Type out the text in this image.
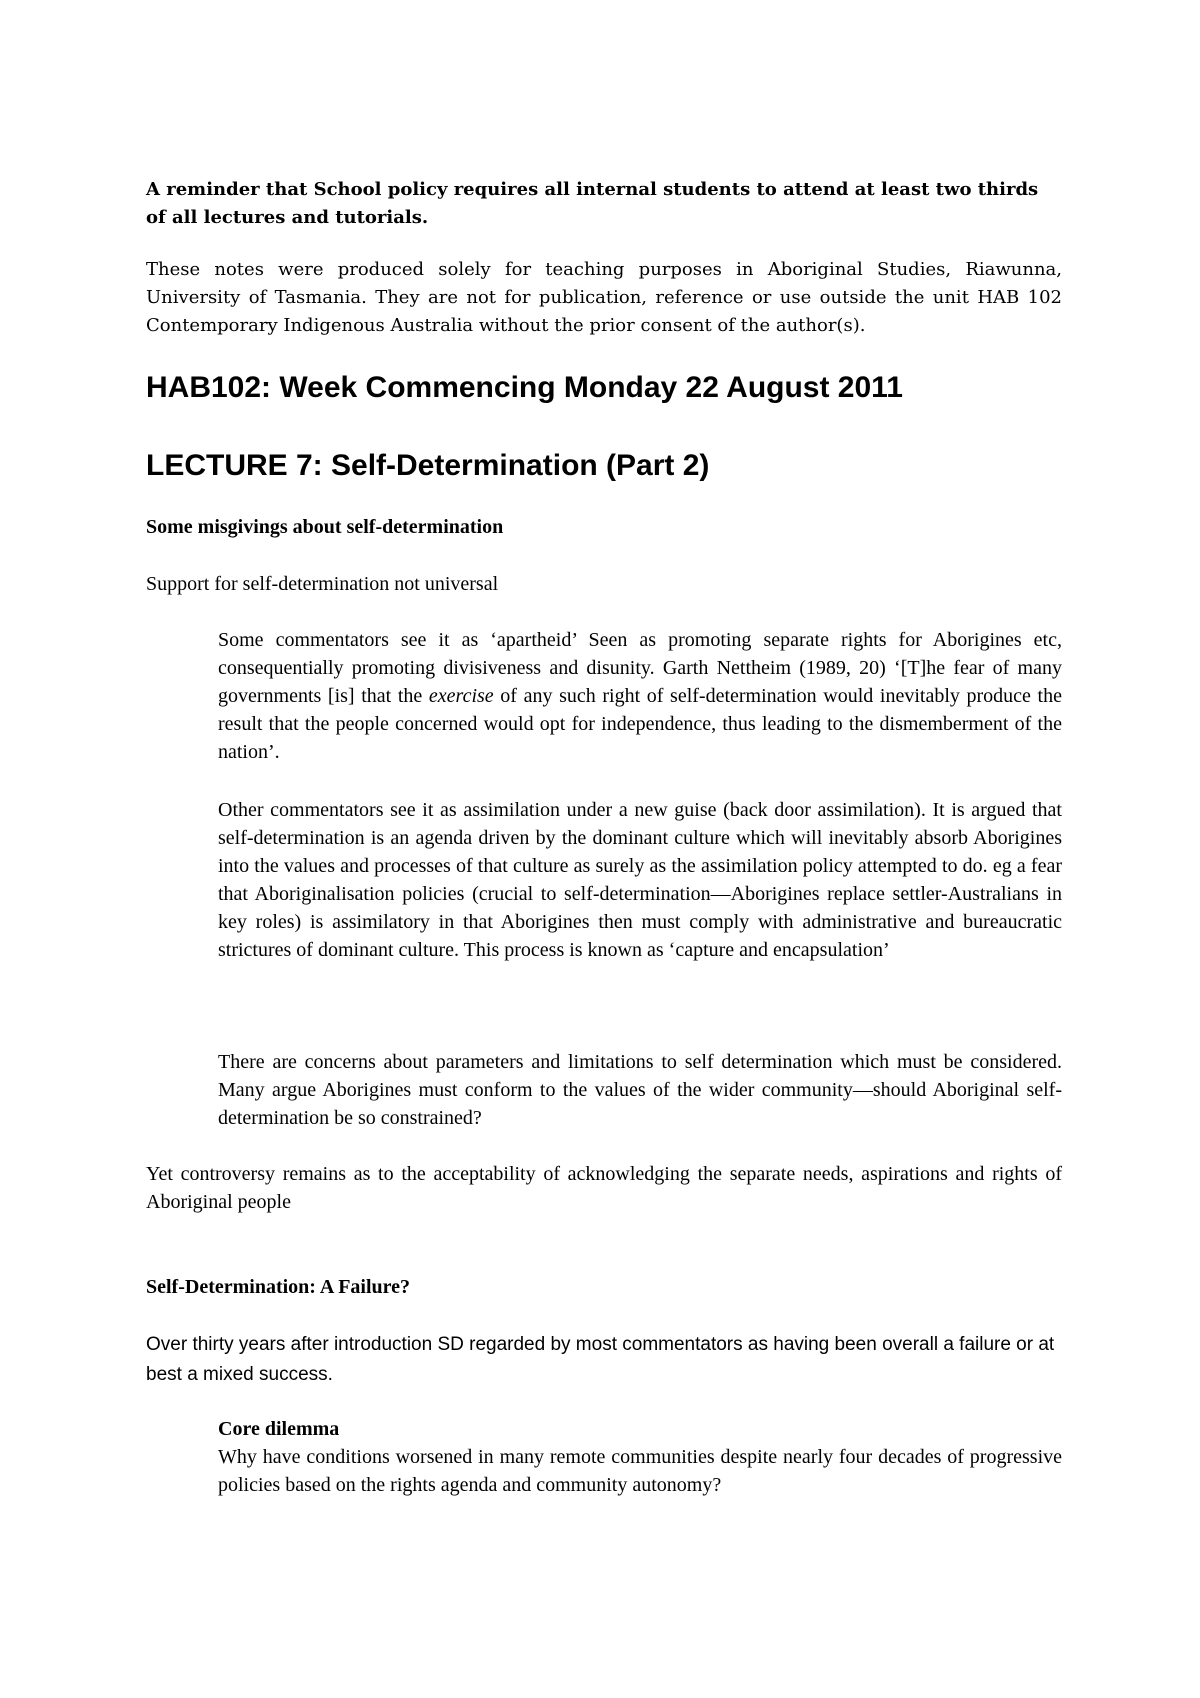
A reminder that School policy requires all internal students to attend at least two thirds of all lectures and tutorials.

These notes were produced solely for teaching purposes in Aboriginal Studies, Riawunna, University of Tasmania. They are not for publication, reference or use outside the unit HAB 102 Contemporary Indigenous Australia without the prior consent of the author(s).

HAB102: Week Commencing Monday 22 August 2011
LECTURE 7: Self-Determination (Part 2)
Some misgivings about self-determination

Support for self-determination not universal

Some commentators see it as ‘apartheid’ Seen as promoting separate rights for Aborigines etc, consequentially promoting divisiveness and disunity. Garth Nettheim (1989, 20) ‘[T]he fear of many governments [is] that the exercise of any such right of self-determination would inevitably produce the result that the people concerned would opt for independence, thus leading to the dismemberment of the nation’.

Other commentators see it as assimilation under a new guise (back door assimilation). It is argued that self-determination is an agenda driven by the dominant culture which will inevitably absorb Aborigines into the values and processes of that culture as surely as the assimilation policy attempted to do. eg a fear that Aboriginalisation policies (crucial to self-determination—Aborigines replace settler-Australians in key roles) is assimilatory in that Aborigines then must comply with administrative and bureaucratic strictures of dominant culture. This process is known as ‘capture and encapsulation’

There are concerns about parameters and limitations to self determination which must be considered. Many argue Aborigines must conform to the values of the wider community—should Aboriginal self-determination be so constrained?

Yet controversy remains as to the acceptability of acknowledging the separate needs, aspirations and rights of Aboriginal people

Self-Determination: A Failure?

Over thirty years after introduction SD regarded by most commentators as having been overall a failure or at best a mixed success.

Core dilemma
Why have conditions worsened in many remote communities despite nearly four decades of progressive policies based on the rights agenda and community autonomy?
